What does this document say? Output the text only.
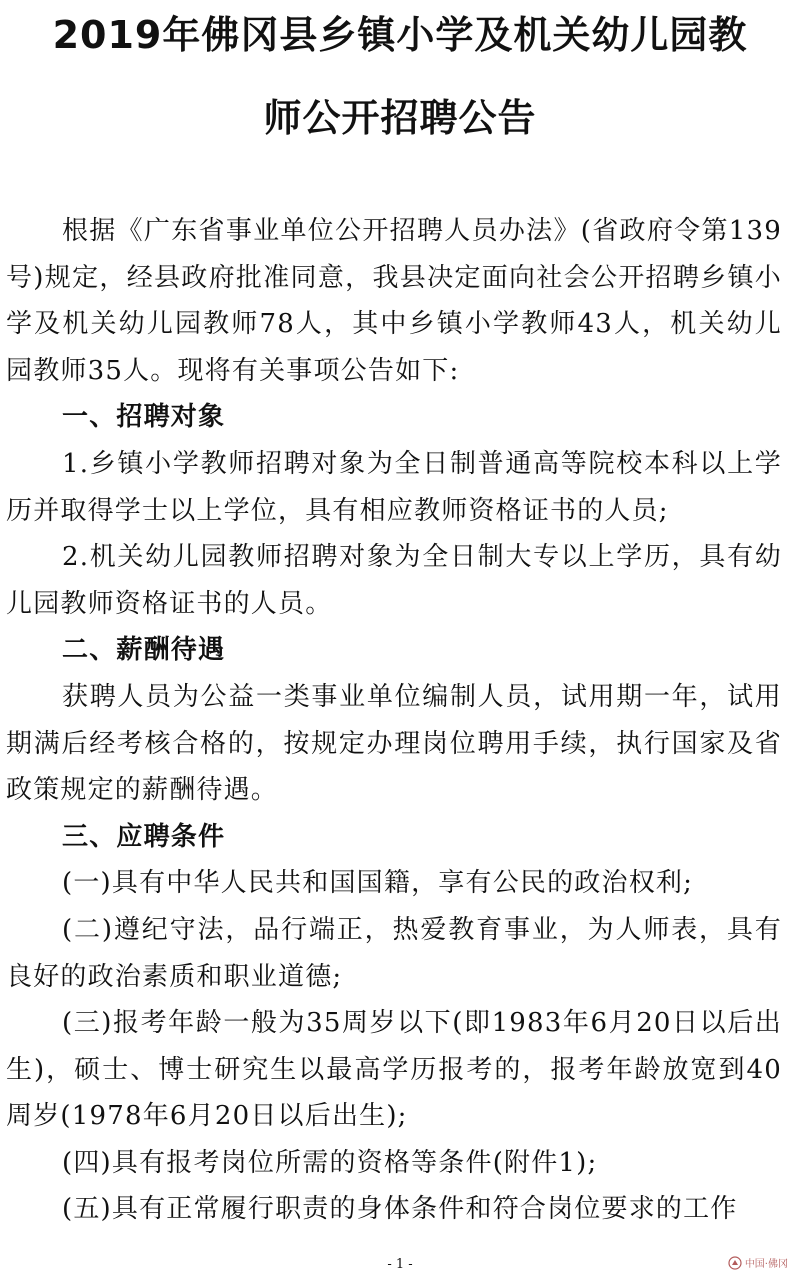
2019年佛冈县乡镇小学及机关幼儿园教
师公开招聘公告

根据《广东省事业单位公开招聘人员办法》(省政府令第139号)规定，经县政府批准同意，我县决定面向社会公开招聘乡镇小学及机关幼儿园教师78人，其中乡镇小学教师43人，机关幼儿园教师35人。现将有关事项公告如下:

一、招聘对象

1.乡镇小学教师招聘对象为全日制普通高等院校本科以上学历并取得学士以上学位，具有相应教师资格证书的人员;

2.机关幼儿园教师招聘对象为全日制大专以上学历，具有幼儿园教师资格证书的人员。

二、薪酬待遇

获聘人员为公益一类事业单位编制人员，试用期一年，试用期满后经考核合格的，按规定办理岗位聘用手续，执行国家及省政策规定的薪酬待遇。

三、应聘条件

(一)具有中华人民共和国国籍，享有公民的政治权利;

(二)遵纪守法，品行端正，热爱教育事业，为人师表，具有良好的政治素质和职业道德;

(三)报考年龄一般为35周岁以下(即1983年6月20日以后出生)，硕士、博士研究生以最高学历报考的，报考年龄放宽到40周岁(1978年6月20日以后出生);

(四)具有报考岗位所需的资格等条件(附件1);

(五)具有正常履行职责的身体条件和符合岗位要求的工作

- 1 -	中国·佛冈
